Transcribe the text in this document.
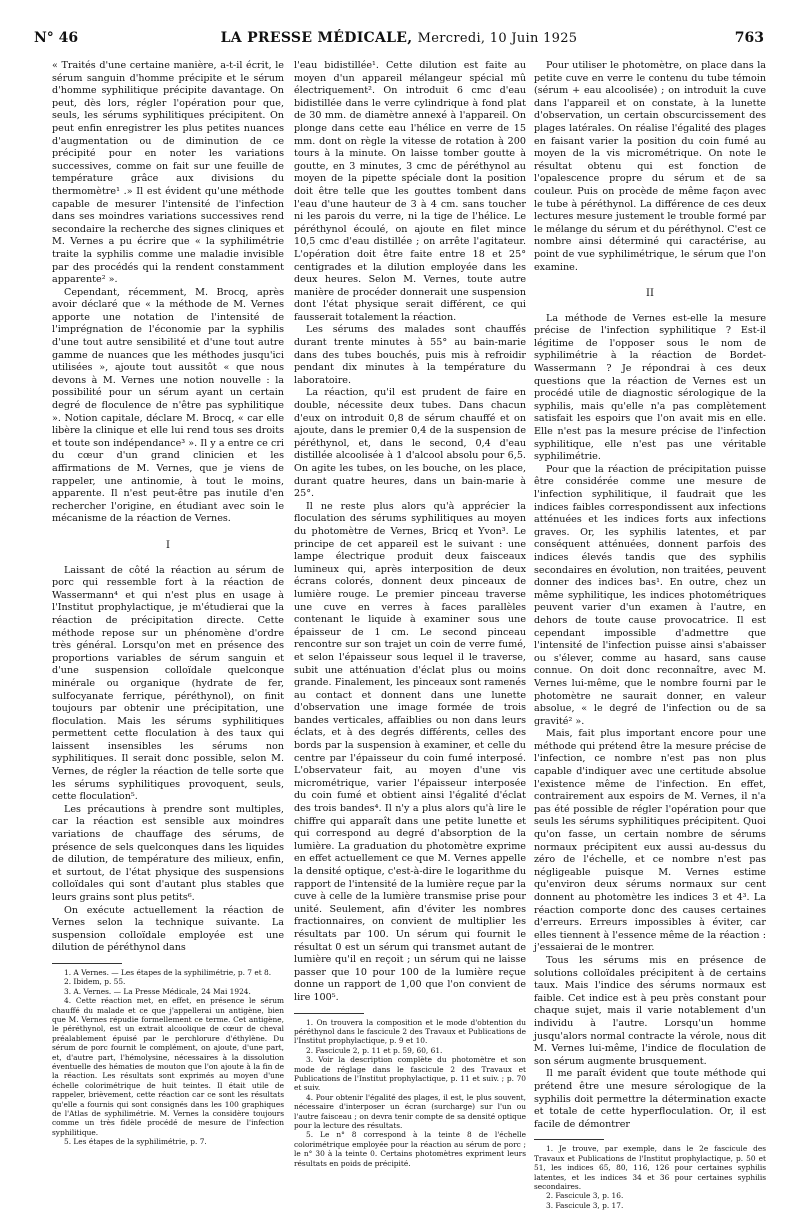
N° 46	LA PRESSE MÉDICALE, Mercredi, 10 Juin 1925	763

« Traités d'une certaine manière, a-t-il écrit, le sérum sanguin d'homme précipite et le sérum d'homme syphilitique précipite davantage. On peut, dès lors, régler l'opération pour que, seuls, les sérums syphilitiques précipitent. On peut enfin enregistrer les plus petites nuances d'augmentation ou de diminution de ce précipité pour en noter les variations successives, comme on fait sur une feuille de température grâce aux divisions du thermomètre¹ .» Il est évident qu'une méthode capable de mesurer l'intensité de l'infection dans ses moindres variations successives rend secondaire la recherche des signes cliniques et M. Vernes a pu écrire que « la syphilimétrie traite la syphilis comme une maladie invisible par des procédés qui la rendent constamment apparente² ».

Cependant, récemment, M. Brocq, après avoir déclaré que « la méthode de M. Vernes apporte une notation de l'intensité de l'imprégnation de l'économie par la syphilis d'une tout autre sensibilité et d'une tout autre gamme de nuances que les méthodes jusqu'ici utilisées », ajoute tout aussitôt « que nous devons à M. Vernes une notion nouvelle : la possibilité pour un sérum ayant un certain degré de floculence de n'être pas syphilitique ». Notion capitale, déclare M. Brocq, « car elle libère la clinique et elle lui rend tous ses droits et toute son indépendance³ ». Il y a entre ce cri du cœur d'un grand clinicien et les affirmations de M. Vernes, que je viens de rappeler, une antinomie, à tout le moins, apparente. Il n'est peut-être pas inutile d'en rechercher l'origine, en étudiant avec soin le mécanisme de la réaction de Vernes.

I

Laissant de côté la réaction au sérum de porc qui ressemble fort à la réaction de Wassermann⁴ et qui n'est plus en usage à l'Institut prophylactique, je m'étudierai que la réaction de précipitation directe. Cette méthode repose sur un phénomène d'ordre très général. Lorsqu'on met en présence des proportions variables de sérum sanguin et d'une suspension colloïdale quelconque minérale ou organique (hydrate de fer, sulfocyanate ferrique, péréthynol), on finit toujours par obtenir une précipitation, une floculation. Mais les sérums syphilitiques permettent cette floculation à des taux qui laissent insensibles les sérums non syphilitiques. Il serait donc possible, selon M. Vernes, de régler la réaction de telle sorte que les sérums syphilitiques provoquent, seuls, cette floculation⁵.

Les précautions à prendre sont multiples, car la réaction est sensible aux moindres variations de chauffage des sérums, de présence de sels quelconques dans les liquides de dilution, de température des milieux, enfin, et surtout, de l'état physique des suspensions colloïdales qui sont d'autant plus stables que leurs grains sont plus petits⁶.

On exécute actuellement la réaction de Vernes selon la technique suivante. La suspension colloïdale employée est une dilution de péréthynol dans

1. A Vernes. — Les étapes de la syphilimétrie, p. 7 et 8.

2. Ibidem, p. 55.

3. A. Vernes. — La Presse Médicale, 24 Mai 1924.

4. Cette réaction met, en effet, en présence le sérum chauffé du malade et ce que j'appellerai un antigène, bien que M. Vernes répudie formellement ce terme. Cet antigène, le péréthynol, est un extrait alcoolique de cœur de cheval préalablement épuisé par le perchlorure d'éthylène. Du sérum de porc fournit le complément, on ajoute, d'une part, et, d'autre part, l'hémolysine, nécessaires à la dissolution éventuelle des hématies de mouton que l'on ajoute à la fin de la réaction. Les résultats sont exprimés au moyen d'une échelle colorimétrique de huit teintes. Il était utile de rappeler, brièvement, cette réaction car ce sont les résultats qu'elle a fournis qui sont consignés dans les 100 graphiques de l'Atlas de syphilimétrie. M. Vernes la considère toujours comme un très fidèle procédé de mesure de l'infection syphilitique.

5. Les étapes de la syphilimétrie, p. 7.

l'eau bidistillée¹. Cette dilution est faite au moyen d'un appareil mélangeur spécial mû électriquement². On introduit 6 cmc d'eau bidistillée dans le verre cylindrique à fond plat de 30 mm. de diamètre annexé à l'appareil. On plonge dans cette eau l'hélice en verre de 15 mm. dont on règle la vitesse de rotation à 200 tours à la minute. On laisse tomber goutte à goutte, en 3 minutes, 3 cmc de péréthynol au moyen de la pipette spéciale dont la position doit être telle que les gouttes tombent dans l'eau d'une hauteur de 3 à 4 cm. sans toucher ni les parois du verre, ni la tige de l'hélice. Le péréthynol écoulé, on ajoute en filet mince 10,5 cmc d'eau distillée ; on arrête l'agitateur. L'opération doit être faite entre 18 et 25° centigrades et la dilution employée dans les deux heures. Selon M. Vernes, toute autre manière de procéder donnerait une suspension dont l'état physique serait différent, ce qui fausserait totalement la réaction.

Les sérums des malades sont chauffés durant trente minutes à 55° au bain-marie dans des tubes bouchés, puis mis à refroidir pendant dix minutes à la température du laboratoire.

La réaction, qu'il est prudent de faire en double, nécessite deux tubes. Dans chacun d'eux on introduit 0,8 de sérum chauffé et on ajoute, dans le premier 0,4 de la suspension de péréthynol, et, dans le second, 0,4 d'eau distillée alcoolisée à 1 d'alcool absolu pour 6,5. On agite les tubes, on les bouche, on les place, durant quatre heures, dans un bain-marie à 25°.

Il ne reste plus alors qu'à apprécier la floculation des sérums syphilitiques au moyen du photomètre de Vernes, Bricq et Yvon³. Le principe de cet appareil est le suivant : une lampe électrique produit deux faisceaux lumineux qui, après interposition de deux écrans colorés, donnent deux pinceaux de lumière rouge. Le premier pinceau traverse une cuve en verres à faces parallèles contenant le liquide à examiner sous une épaisseur de 1 cm. Le second pinceau rencontre sur son trajet un coin de verre fumé, et selon l'épaisseur sous lequel il le traverse, subit une atténuation d'éclat plus ou moins grande. Finalement, les pinceaux sont ramenés au contact et donnent dans une lunette d'observation une image formée de trois bandes verticales, affaiblies ou non dans leurs éclats, et à des degrés différents, celles des bords par la suspension à examiner, et celle du centre par l'épaisseur du coin fumé interposé. L'observateur fait, au moyen d'une vis micrométrique, varier l'épaisseur interposée du coin fumé et obtient ainsi l'égalité d'éclat des trois bandes⁴. Il n'y a plus alors qu'à lire le chiffre qui apparaît dans une petite lunette et qui correspond au degré d'absorption de la lumière. La graduation du photomètre exprime en effet actuellement ce que M. Vernes appelle la densité optique, c'est-à-dire le logarithme du rapport de l'intensité de la lumière reçue par la cuve à celle de la lumière transmise prise pour unité. Seulement, afin d'éviter les nombres fractionnaires, on convient de multiplier les résultats par 100. Un sérum qui fournit le résultat 0 est un sérum qui transmet autant de lumière qu'il en reçoit ; un sérum qui ne laisse passer que 10 pour 100 de la lumière reçue donne un rapport de 1,00 que l'on convient de lire 100⁵.

1. On trouvera la composition et le mode d'obtention du péréthynol dans le fascicule 2 des Travaux et Publications de l'Institut prophylactique, p. 9 et 10.

2. Fascicule 2, p. 11 et p. 59, 60, 61.

3. Voir la description complète du photomètre et son mode de réglage dans le fascicule 2 des Travaux et Publications de l'Institut prophylactique, p. 11 et suiv. ; p. 70 et suiv.

4. Pour obtenir l'égalité des plages, il est, le plus souvent, nécessaire d'interposer un écran (surcharge) sur l'un ou l'autre faisceau ; on devra tenir compte de sa densité optique pour la lecture des résultats.

5. Le n° 8 correspond à la teinte 8 de l'échelle colorimétrique employée pour la réaction au sérum de porc ; le n° 30 à la teinte 0. Certains photomètres expriment leurs résultats en poids de précipité.

Pour utiliser le photomètre, on place dans la petite cuve en verre le contenu du tube témoin (sérum + eau alcoolisée) ; on introduit la cuve dans l'appareil et on constate, à la lunette d'observation, un certain obscurcissement des plages latérales. On réalise l'égalité des plages en faisant varier la position du coin fumé au moyen de la vis micrométrique. On note le résultat obtenu qui est fonction de l'opalescence propre du sérum et de sa couleur. Puis on procède de même façon avec le tube à péréthynol. La différence de ces deux lectures mesure justement le trouble formé par le mélange du sérum et du péréthynol. C'est ce nombre ainsi déterminé qui caractérise, au point de vue syphilimétrique, le sérum que l'on examine.

II

La méthode de Vernes est-elle la mesure précise de l'infection syphilitique ? Est-il légitime de l'opposer sous le nom de syphilimétrie à la réaction de Bordet-Wassermann ? Je répondrai à ces deux questions que la réaction de Vernes est un procédé utile de diagnostic sérologique de la syphilis, mais qu'elle n'a pas complètement satisfait les espoirs que l'on avait mis en elle. Elle n'est pas la mesure précise de l'infection syphilitique, elle n'est pas une véritable syphilimétrie.

Pour que la réaction de précipitation puisse être considérée comme une mesure de l'infection syphilitique, il faudrait que les indices faibles correspondissent aux infections atténuées et les indices forts aux infections graves. Or, les syphilis latentes, et par conséquent atténuées, donnent parfois des indices élevés tandis que des syphilis secondaires en évolution, non traitées, peuvent donner des indices bas¹. En outre, chez un même syphilitique, les indices photométriques peuvent varier d'un examen à l'autre, en dehors de toute cause provocatrice. Il est cependant impossible d'admettre que l'intensité de l'infection puisse ainsi s'abaisser ou s'élever, comme au hasard, sans cause connue. On doit donc reconnaître, avec M. Vernes lui-même, que le nombre fourni par le photomètre ne saurait donner, en valeur absolue, « le degré de l'infection ou de sa gravité² ».

Mais, fait plus important encore pour une méthode qui prétend être la mesure précise de l'infection, ce nombre n'est pas non plus capable d'indiquer avec une certitude absolue l'existence même de l'infection. En effet, contrairement aux espoirs de M. Vernes, il n'a pas été possible de régler l'opération pour que seuls les sérums syphilitiques précipitent. Quoi qu'on fasse, un certain nombre de sérums normaux précipitent eux aussi au-dessus du zéro de l'échelle, et ce nombre n'est pas négligeable puisque M. Vernes estime qu'environ deux sérums normaux sur cent donnent au photomètre les indices 3 et 4³. La réaction comporte donc des causes certaines d'erreurs. Erreurs impossibles à éviter, car elles tiennent à l'essence même de la réaction : j'essaierai de le montrer.

Tous les sérums mis en présence de solutions colloïdales précipitent à de certains taux. Mais l'indice des sérums normaux est faible. Cet indice est à peu près constant pour chaque sujet, mais il varie notablement d'un individu à l'autre. Lorsqu'un homme jusqu'alors normal contracte la vérole, nous dit M. Vernes lui-même, l'indice de floculation de son sérum augmente brusquement.

Il me paraît évident que toute méthode qui prétend être une mesure sérologique de la syphilis doit permettre la détermination exacte et totale de cette hyperfloculation. Or, il est facile de démontrer

1. Je trouve, par exemple, dans le 2e fascicule des Travaux et Publications de l'Institut prophylactique, p. 50 et 51, les indices 65, 80, 116, 126 pour certaines syphilis latentes, et les indices 34 et 36 pour certaines syphilis secondaires.

2. Fascicule 3, p. 16.

3. Fascicule 3, p. 17.
